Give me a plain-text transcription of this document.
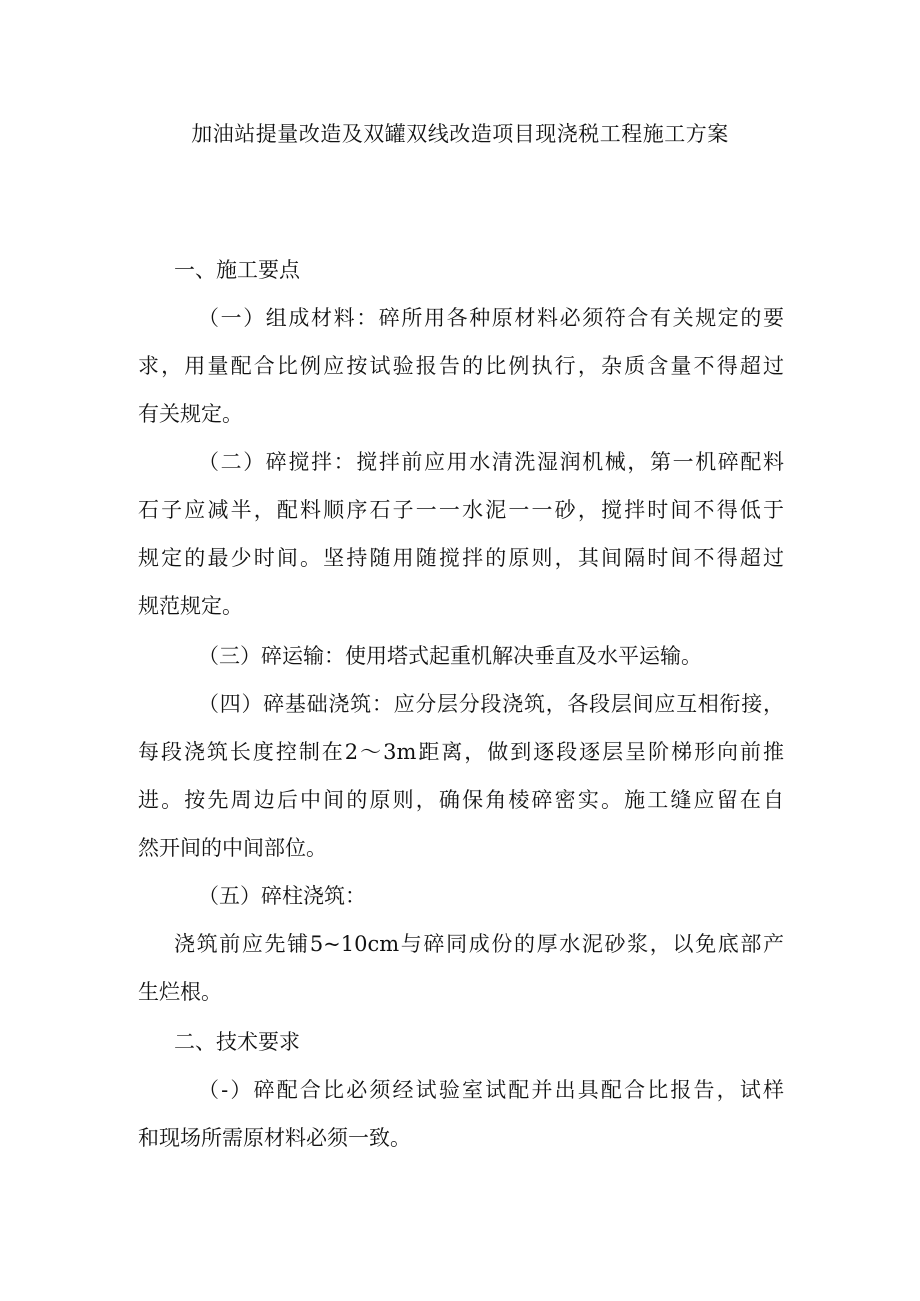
加油站提量改造及双罐双线改造项目现浇税工程施工方案
一、施工要点
（一）组成材料：碎所用各种原材料必须符合有关规定的要
求，用量配合比例应按试验报告的比例执行，杂质含量不得超过
有关规定。
（二）碎搅拌：搅拌前应用水清洗湿润机械，第一机碎配料
石子应减半，配料顺序石子一一水泥一一砂，搅拌时间不得低于
规定的最少时间。坚持随用随搅拌的原则，其间隔时间不得超过
规范规定。
（三）碎运输：使用塔式起重机解决垂直及水平运输。
（四）碎基础浇筑：应分层分段浇筑，各段层间应互相衔接，
每段浇筑长度控制在2～3m距离，做到逐段逐层呈阶梯形向前推
进。按先周边后中间的原则，确保角棱碎密实。施工缝应留在自
然开间的中间部位。
（五）碎柱浇筑：
浇筑前应先铺5~10cm与碎同成份的厚水泥砂浆，以免底部产
生烂根。
二、技术要求
（-）碎配合比必须经试验室试配并出具配合比报告，试样
和现场所需原材料必须一致。
